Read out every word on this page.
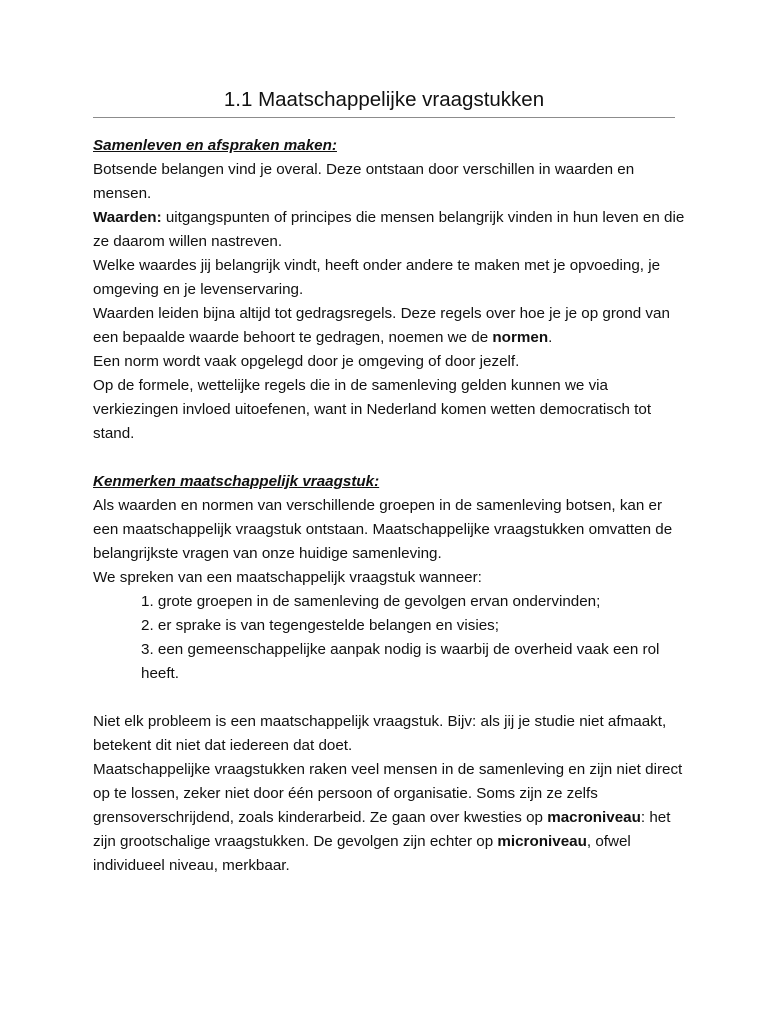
1.1 Maatschappelijke vraagstukken

Samenleven en afspraken maken:

Botsende belangen vind je overal. Deze ontstaan door verschillen in waarden en mensen.

Waarden: uitgangspunten of principes die mensen belangrijk vinden in hun leven en die ze daarom willen nastreven.

Welke waardes jij belangrijk vindt, heeft onder andere te maken met je opvoeding, je omgeving en je levenservaring.

Waarden leiden bijna altijd tot gedragsregels. Deze regels over hoe je je op grond van een bepaalde waarde behoort te gedragen, noemen we de normen.

Een norm wordt vaak opgelegd door je omgeving of door jezelf.

Op de formele, wettelijke regels die in de samenleving gelden kunnen we via verkiezingen invloed uitoefenen, want in Nederland komen wetten democratisch tot stand.

Kenmerken maatschappelijk vraagstuk:

Als waarden en normen van verschillende groepen in de samenleving botsen, kan er een maatschappelijk vraagstuk ontstaan. Maatschappelijke vraagstukken omvatten de belangrijkste vragen van onze huidige samenleving.

We spreken van een maatschappelijk vraagstuk wanneer:

1. grote groepen in de samenleving de gevolgen ervan ondervinden;
2. er sprake is van tegengestelde belangen en visies;
3. een gemeenschappelijke aanpak nodig is waarbij de overheid vaak een rol heeft.

Niet elk probleem is een maatschappelijk vraagstuk. Bijv: als jij je studie niet afmaakt, betekent dit niet dat iedereen dat doet.

Maatschappelijke vraagstukken raken veel mensen in de samenleving en zijn niet direct op te lossen, zeker niet door één persoon of organisatie. Soms zijn ze zelfs grensoverschrijdend, zoals kinderarbeid. Ze gaan over kwesties op macroniveau: het zijn grootschalige vraagstukken. De gevolgen zijn echter op microniveau, ofwel individueel niveau, merkbaar.
